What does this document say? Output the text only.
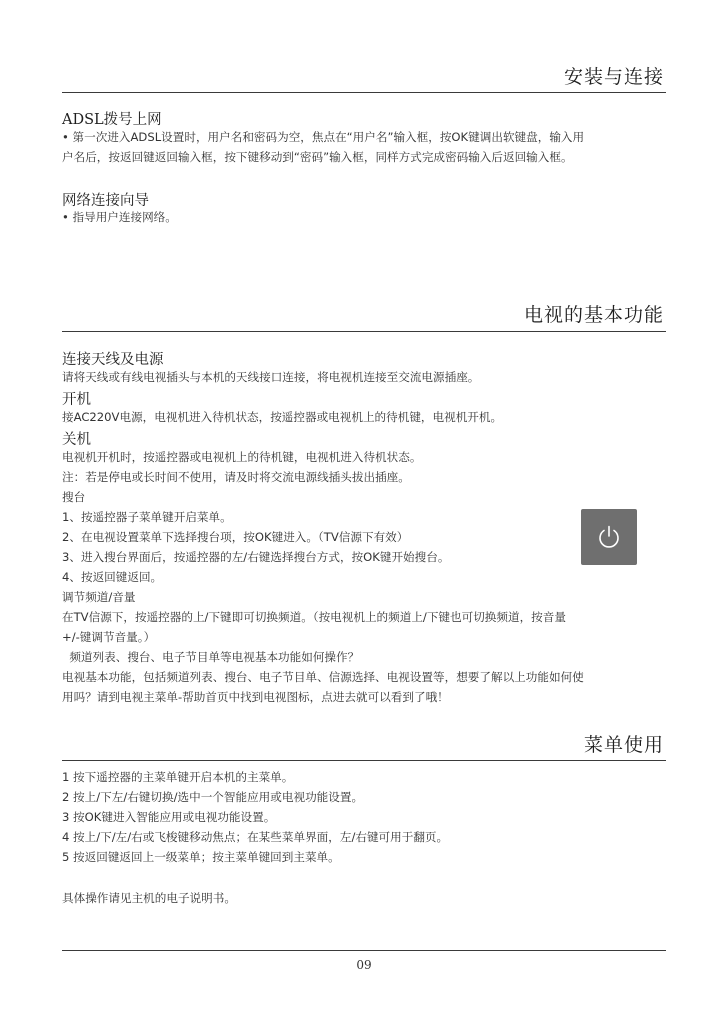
安装与连接
ADSL拨号上网
• 第一次进入ADSL设置时，用户名和密码为空，焦点在“用户名”输入框，按OK键调出软键盘，输入用
户名后，按返回键返回输入框，按下键移动到“密码”输入框，同样方式完成密码输入后返回输入框。
网络连接向导
• 指导用户连接网络。
电视的基本功能
连接天线及电源
请将天线或有线电视插头与本机的天线接口连接，将电视机连接至交流电源插座。
开机
接AC220V电源，电视机进入待机状态，按遥控器或电视机上的待机键，电视机开机。
关机
电视机开机时，按遥控器或电视机上的待机键，电视机进入待机状态。
注：若是停电或长时间不使用，请及时将交流电源线插头拔出插座。
搜台
1、按遥控器子菜单键开启菜单。
2、在电视设置菜单下选择搜台项，按OK键进入。（TV信源下有效）
3、进入搜台界面后，按遥控器的左/右键选择搜台方式，按OK键开始搜台。
4、按返回键返回。
调节频道/音量
在TV信源下，按遥控器的上/下键即可切换频道。（按电视机上的频道上/下键也可切换频道，按音量
+/-键调节音量。）
频道列表、搜台、电子节目单等电视基本功能如何操作？
电视基本功能，包括频道列表、搜台、电子节目单、信源选择、电视设置等，想要了解以上功能如何使
用吗？请到电视主菜单-帮助首页中找到电视图标，点进去就可以看到了哦！
菜单使用
1 按下遥控器的主菜单键开启本机的主菜单。
2 按上/下左/右键切换/选中一个智能应用或电视功能设置。
3 按OK键进入智能应用或电视功能设置。
4 按上/下/左/右或飞梭键移动焦点；在某些菜单界面，左/右键可用于翻页。
5 按返回键返回上一级菜单；按主菜单键回到主菜单。
具体操作请见主机的电子说明书。
09
